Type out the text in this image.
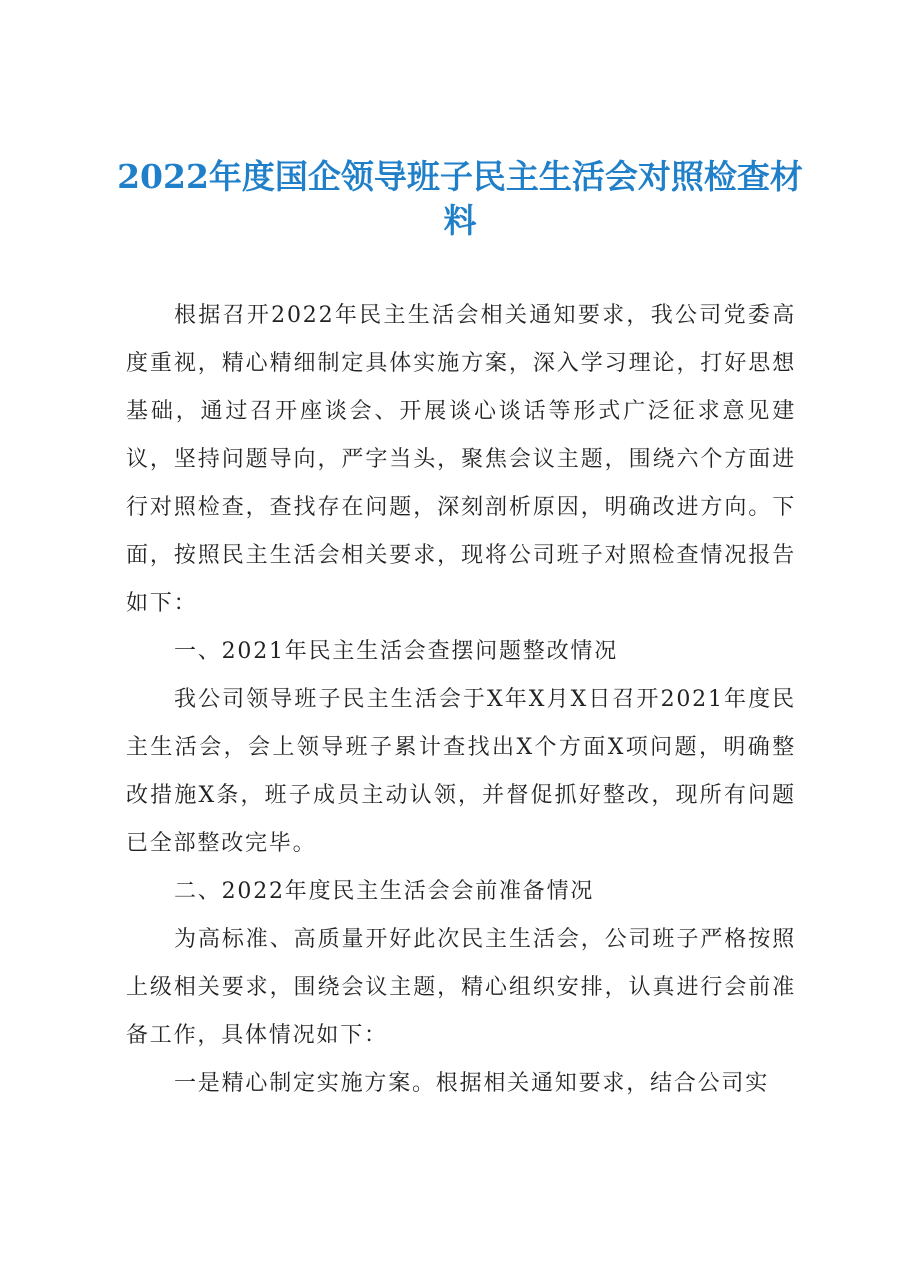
2022年度国企领导班子民主生活会对照检查材料

根据召开2022年民主生活会相关通知要求，我公司党委高度重视，精心精细制定具体实施方案，深入学习理论，打好思想基础，通过召开座谈会、开展谈心谈话等形式广泛征求意见建议，坚持问题导向，严字当头，聚焦会议主题，围绕六个方面进行对照检查，查找存在问题，深刻剖析原因，明确改进方向。下面，按照民主生活会相关要求，现将公司班子对照检查情况报告如下：

一、2021年民主生活会查摆问题整改情况

我公司领导班子民主生活会于X年X月X日召开2021年度民主生活会，会上领导班子累计查找出X个方面X项问题，明确整改措施X条，班子成员主动认领，并督促抓好整改，现所有问题已全部整改完毕。

二、2022年度民主生活会会前准备情况

为高标准、高质量开好此次民主生活会，公司班子严格按照上级相关要求，围绕会议主题，精心组织安排，认真进行会前准备工作，具体情况如下：

一是精心制定实施方案。根据相关通知要求，结合公司实
